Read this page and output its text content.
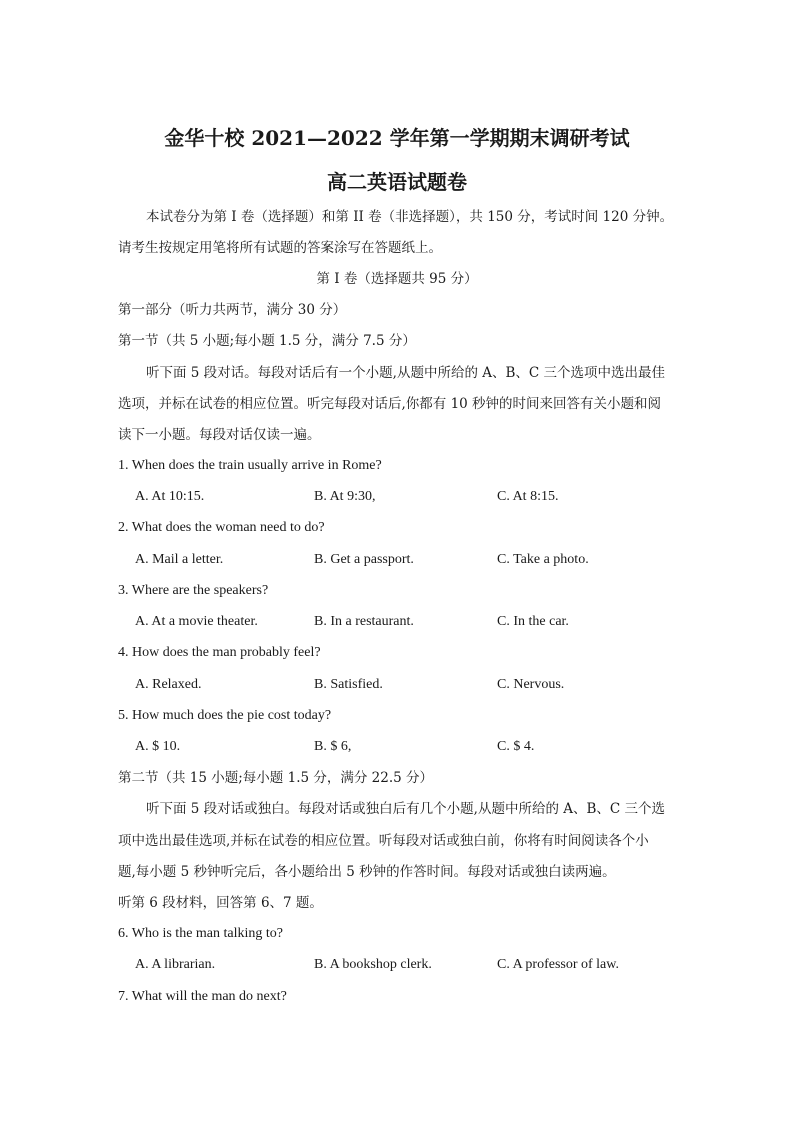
金华十校 2021—2022 学年第一学期期末调研考试
高二英语试题卷
本试卷分为第 I 卷（选择题）和第 II 卷（非选择题），共 150 分，考试时间 120 分钟。
请考生按规定用笔将所有试题的答案涂写在答题纸上。
第 I 卷（选择题共 95 分）
第一部分（听力共两节，满分 30 分）
第一节（共 5 小题;每小题 1.5 分，满分 7.5 分）
听下面 5 段对话。每段对话后有一个小题,从题中所给的 A、B、C 三个选项中选出最佳
选项，并标在试卷的相应位置。听完每段对话后,你都有 10 秒钟的时间来回答有关小题和阅
读下一小题。每段对话仅读一遍。
1. When does the train usually arrive in Rome?
A. At 10:15.	B. At 9:30,	C. At 8:15.
2. What does the woman need to do?
A. Mail a letter.	B. Get a passport.	C. Take a photo.
3. Where are the speakers?
A. At a movie theater.	B. In a restaurant.	C. In the car.
4. How does the man probably feel?
A. Relaxed.	B. Satisfied.	C. Nervous.
5. How much does the pie cost today?
A. $ 10.	B. $ 6,	C. $ 4.
第二节（共 15 小题;每小题 1.5 分，满分 22.5 分）
听下面 5 段对话或独白。每段对话或独白后有几个小题,从题中所给的 A、B、C 三个选
项中选出最佳选项,并标在试卷的相应位置。听每段对话或独白前，你将有时间阅读各个小
题,每小题 5 秒钟听完后，各小题给出 5 秒钟的作答时间。每段对话或独白读两遍。
听第 6 段材料，回答第 6、7 题。
6. Who is the man talking to?
A. A librarian.	B. A bookshop clerk.	C. A professor of law.
7. What will the man do next?
